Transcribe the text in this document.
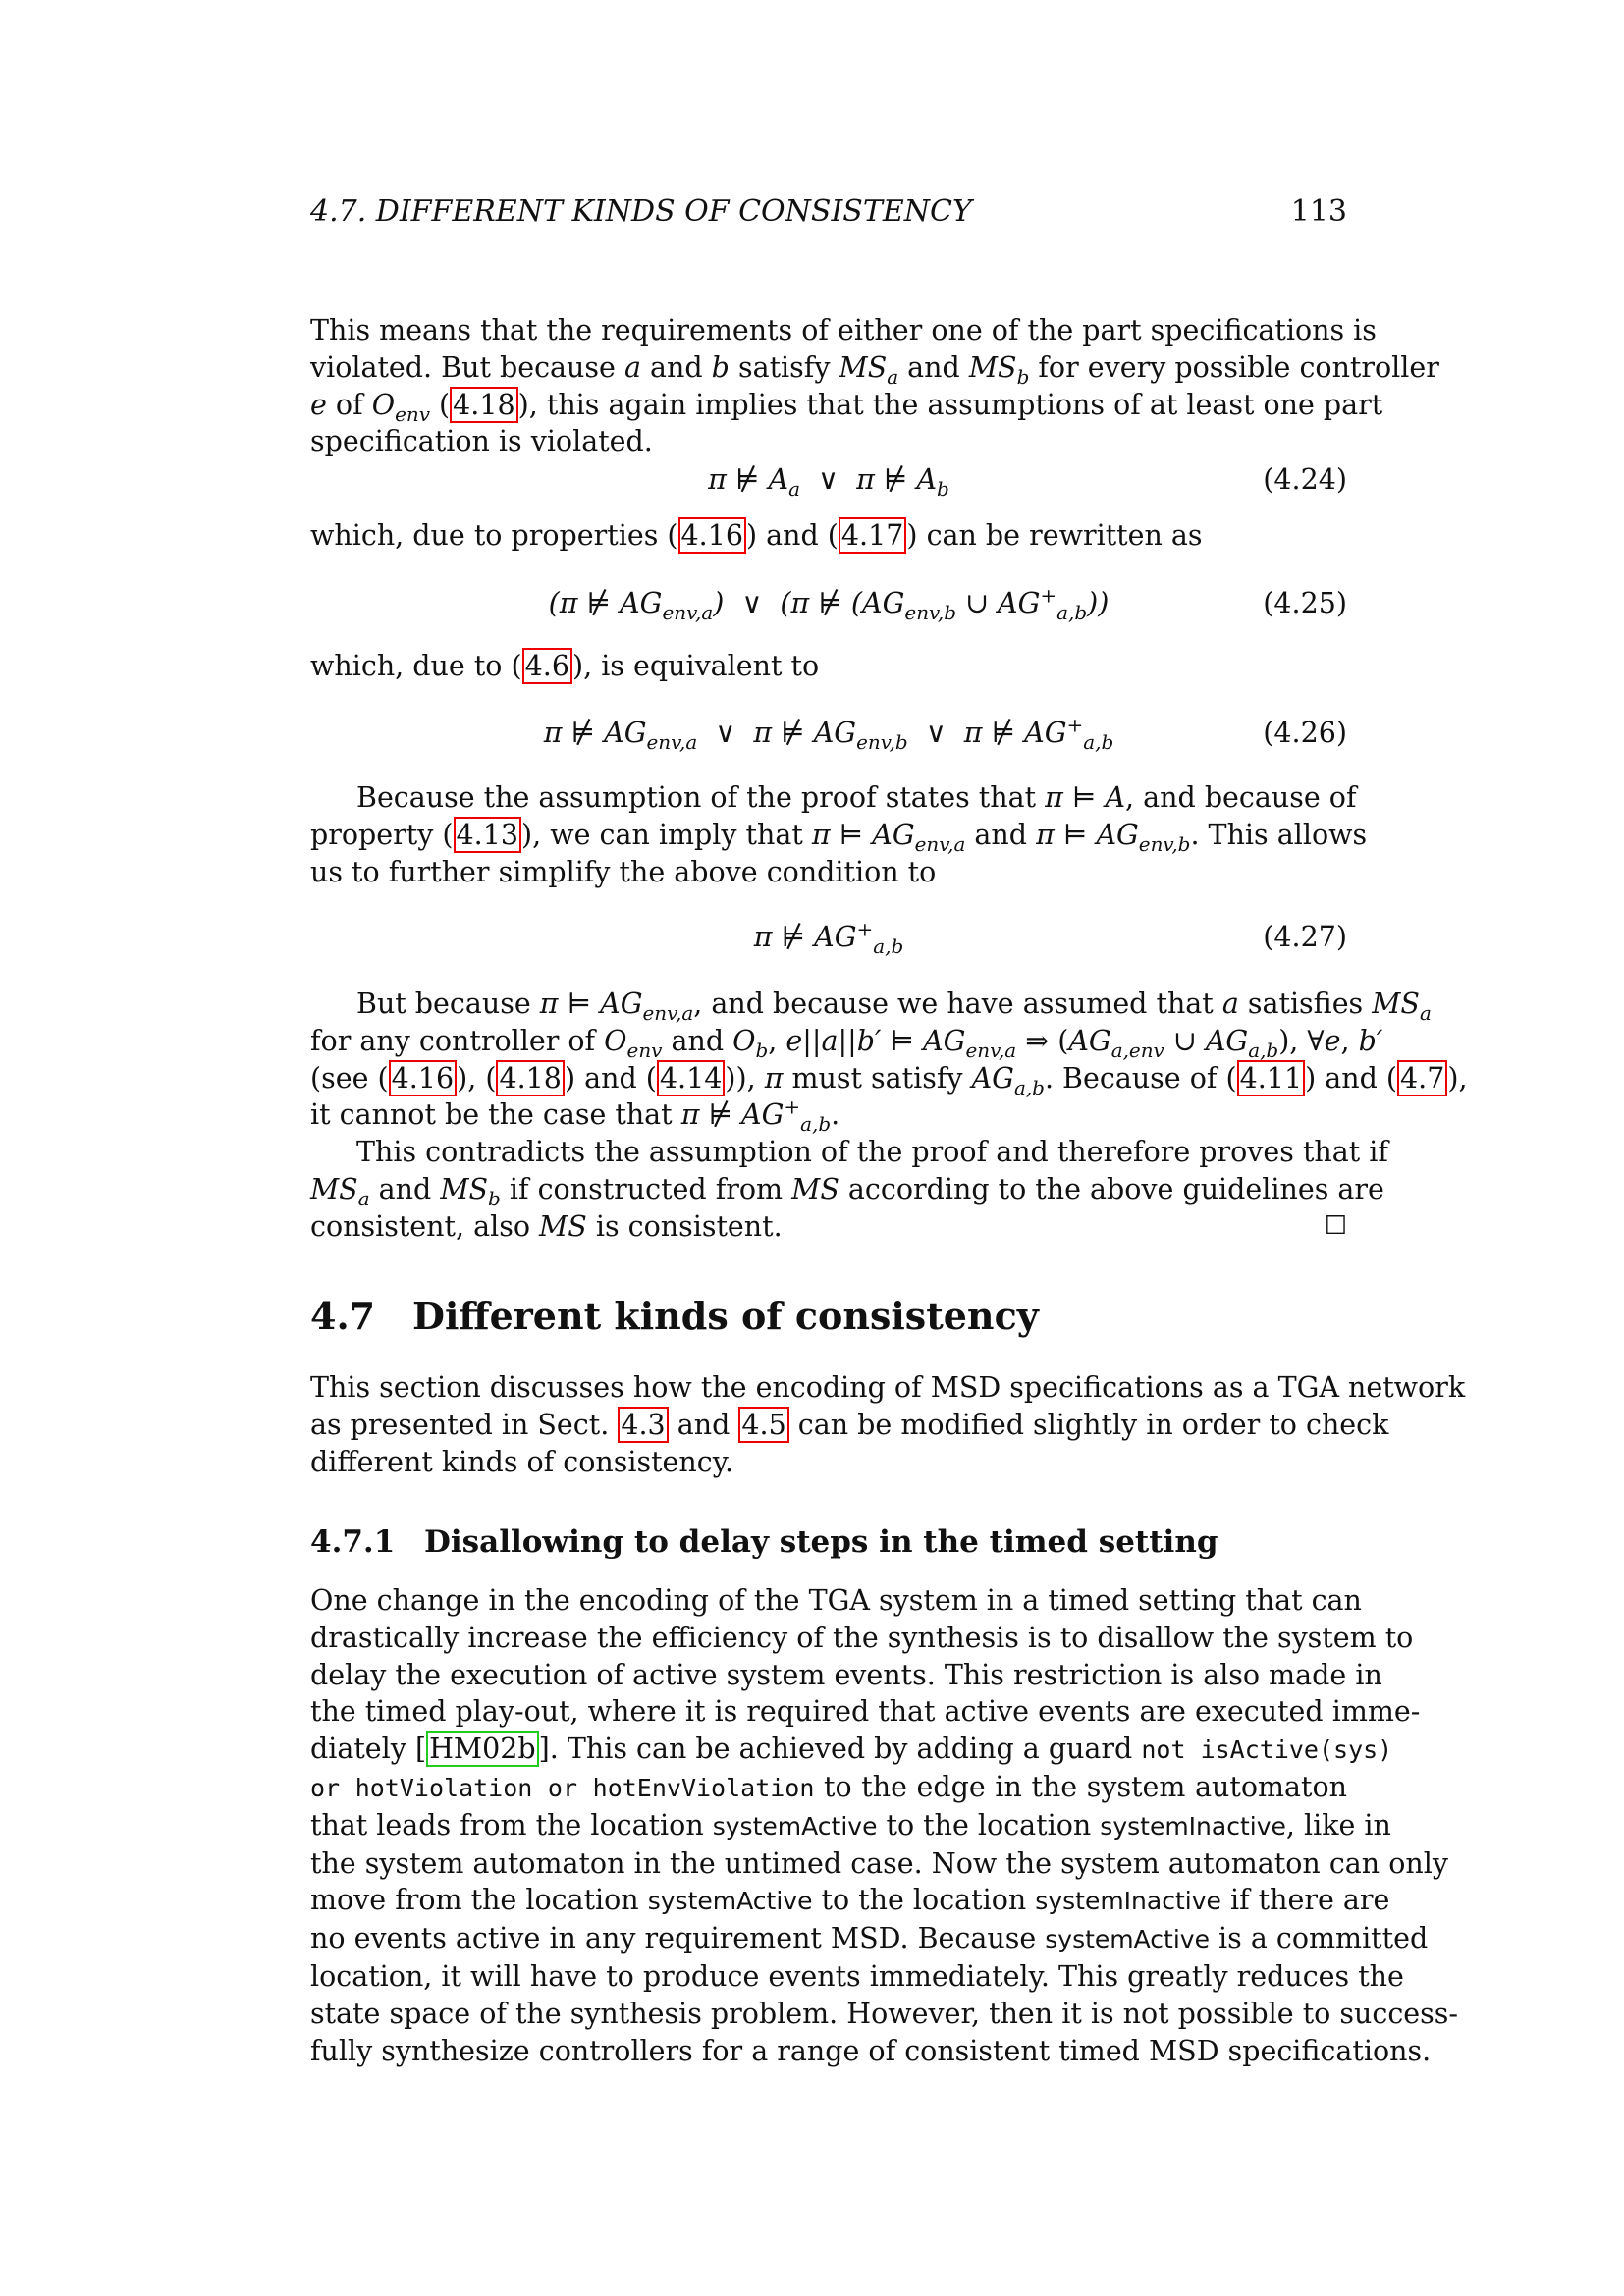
4.7. DIFFERENT KINDS OF CONSISTENCY	113
This means that the requirements of either one of the part specifications is
violated. But because a and b satisfy $MS_a$ and $MS_b$ for every possible controller
e of $O_{env}$ ( 4.18 ), this again implies that the assumptions of at least one part
specification is violated.
π ⊭ $A_a$  ∨  π ⊭ $A_b$	(4.24)
which, due to properties ( 4.16 ) and ( 4.17 ) can be rewritten as
(π ⊭ $AG_{env,a}$)  ∨  (π ⊭ ($AG_{env,b}$ ∪ $AG^+_{a,b}$))	(4.25)
which, due to ( 4.6 ), is equivalent to
π ⊭ $AG_{env,a}$  ∨  π ⊭ $AG_{env,b}$  ∨  π ⊭ $AG^+_{a,b}$	(4.26)
Because the assumption of the proof states that π ⊨ A, and because of
property ( 4.13 ), we can imply that π ⊨ $AG_{env,a}$ and π ⊨ $AG_{env,b}$. This allows
us to further simplify the above condition to
π ⊭ $AG^+_{a,b}$	(4.27)
But because π ⊨ $AG_{env,a}$, and because we have assumed that a satisfies $MS_a$
for any controller of $O_{env}$ and $O_b$, e||a||b′ ⊨ $AG_{env,a}$ ⇒ ($AG_{a,env}$ ∪ $AG_{a,b}$), ∀e, b′
(see ( 4.16 ), ( 4.18 ) and ( 4.14 )), π must satisfy $AG_{a,b}$. Because of ( 4.11 ) and ( 4.7 ),
it cannot be the case that π ⊭ $AG^+_{a,b}$.
This contradicts the assumption of the proof and therefore proves that if
$MS_a$ and $MS_b$ if constructed from MS according to the above guidelines are
consistent, also MS is consistent.	☐
4.7 Different kinds of consistency
This section discusses how the encoding of MSD specifications as a TGA network
as presented in Sect. 4.3 and 4.5 can be modified slightly in order to check
different kinds of consistency.
4.7.1 Disallowing to delay steps in the timed setting
One change in the encoding of the TGA system in a timed setting that can
drastically increase the efficiency of the synthesis is to disallow the system to
delay the execution of active system events. This restriction is also made in
the timed play-out, where it is required that active events are executed imme-
diately [ HM02b ]. This can be achieved by adding a guard not isActive(sys)
or hotViolation or hotEnvViolation to the edge in the system automaton
that leads from the location systemActive to the location systemInactive, like in
the system automaton in the untimed case. Now the system automaton can only
move from the location systemActive to the location systemInactive if there are
no events active in any requirement MSD. Because systemActive is a committed
location, it will have to produce events immediately. This greatly reduces the
state space of the synthesis problem. However, then it is not possible to success-
fully synthesize controllers for a range of consistent timed MSD specifications.
